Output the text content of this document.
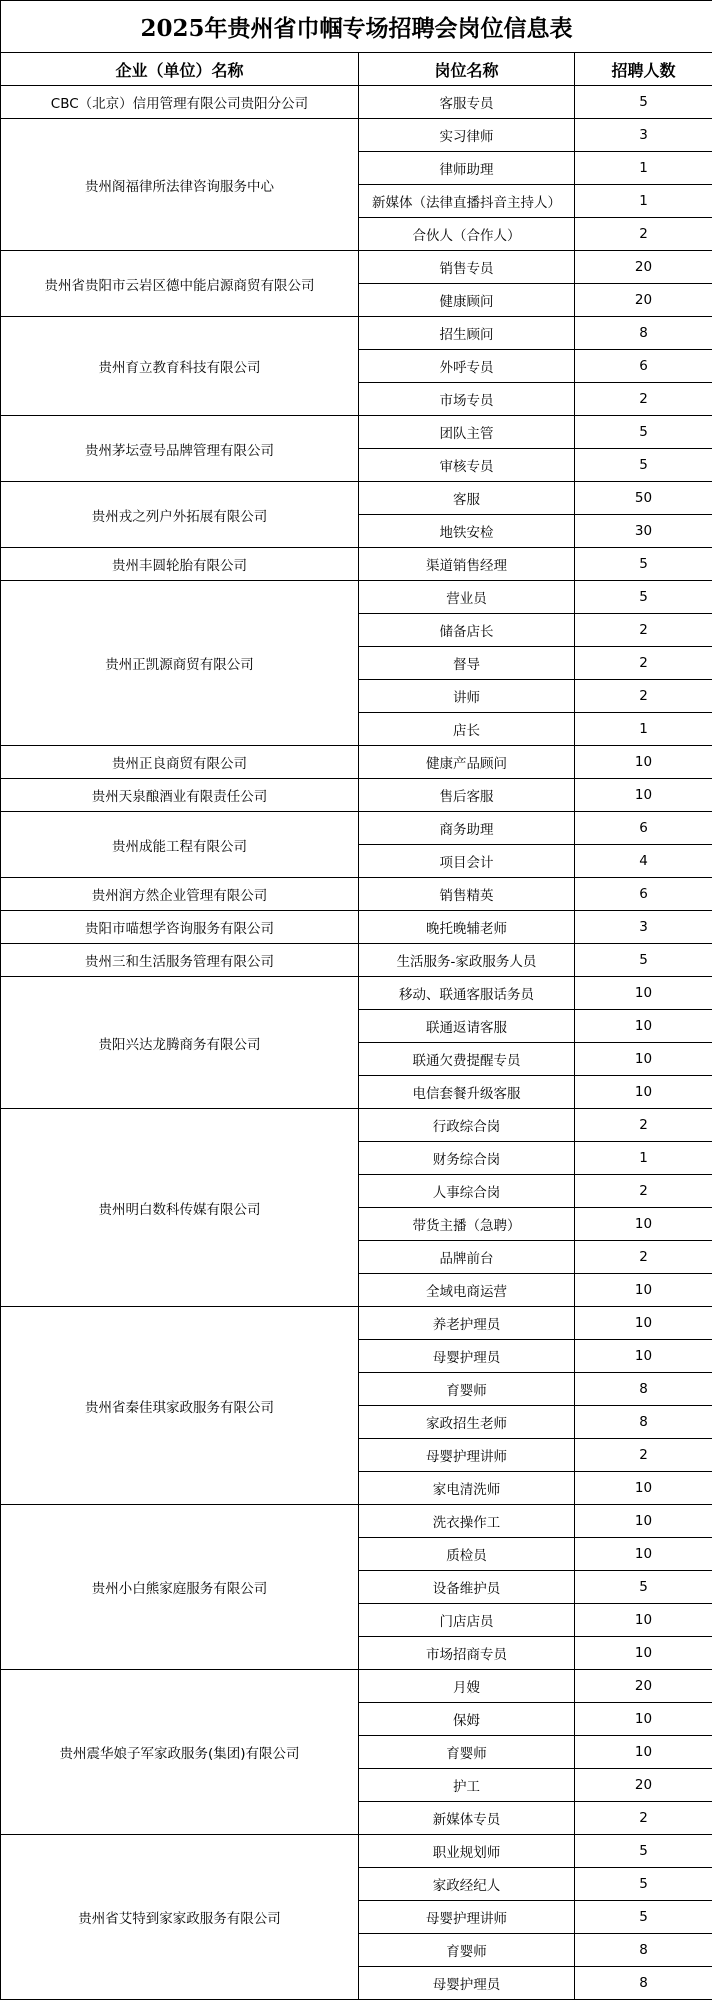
2025年贵州省巾帼专场招聘会岗位信息表		
企业（单位）名称	岗位名称	招聘人数
CBC（北京）信用管理有限公司贵阳分公司	客服专员	5
贵州阁福律所法律咨询服务中心	实习律师	3
	律师助理	1
	新媒体（法律直播抖音主持人）	1
	合伙人（合作人）	2
贵州省贵阳市云岩区德中能启源商贸有限公司	销售专员	20
	健康顾问	20
贵州育立教育科技有限公司	招生顾问	8
	外呼专员	6
	市场专员	2
贵州茅坛壹号品牌管理有限公司	团队主管	5
	审核专员	5
贵州戎之列户外拓展有限公司	客服	50
	地铁安检	30
贵州丰圆轮胎有限公司	渠道销售经理	5
贵州正凯源商贸有限公司	营业员	5
	储备店长	2
	督导	2
	讲师	2
	店长	1
贵州正良商贸有限公司	健康产品顾问	10
贵州天泉酿酒业有限责任公司	售后客服	10
贵州成能工程有限公司	商务助理	6
	项目会计	4
贵州润方然企业管理有限公司	销售精英	6
贵阳市喵想学咨询服务有限公司	晚托晚辅老师	3
贵州三和生活服务管理有限公司	生活服务-家政服务人员	5
贵阳兴达龙腾商务有限公司	移动、联通客服话务员	10
	联通返请客服	10
	联通欠费提醒专员	10
	电信套餐升级客服	10
贵州明白数科传媒有限公司	行政综合岗	2
	财务综合岗	1
	人事综合岗	2
	带货主播（急聘）	10
	品牌前台	2
	全域电商运营	10
贵州省秦佳琪家政服务有限公司	养老护理员	10
	母婴护理员	10
	育婴师	8
	家政招生老师	8
	母婴护理讲师	2
	家电清洗师	10
贵州小白熊家庭服务有限公司	洗衣操作工	10
	质检员	10
	设备维护员	5
	门店店员	10
	市场招商专员	10
贵州震华娘子军家政服务(集团)有限公司	月嫂	20
	保姆	10
	育婴师	10
	护工	20
	新媒体专员	2
贵州省艾特到家家政服务有限公司	职业规划师	5
	家政经纪人	5
	母婴护理讲师	5
	育婴师	8
	母婴护理员	8
